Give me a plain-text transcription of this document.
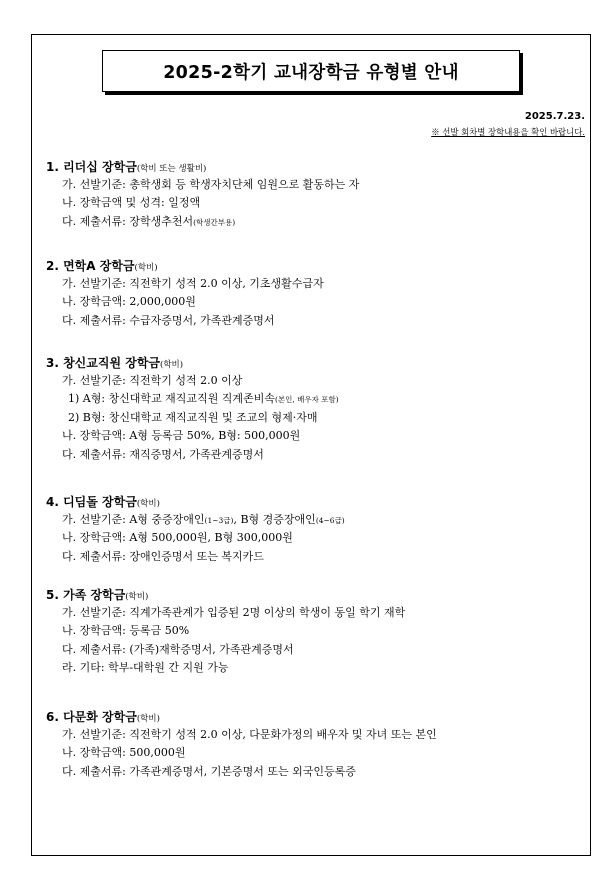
2025-2학기 교내장학금 유형별 안내
2025.7.23.
※ 선발 회차별 장학내용을 확인 바랍니다.
1. 리더십 장학금(학비 또는 생활비)
가. 선발기준: 총학생회 등 학생자치단체 임원으로 활동하는 자
나. 장학금액 및 성격: 일정액
다. 제출서류: 장학생추천서(학생간부용)
2. 면학A 장학금(학비)
가. 선발기준: 직전학기 성적 2.0 이상, 기초생활수급자
나. 장학금액: 2,000,000원
다. 제출서류: 수급자증명서, 가족관계증명서
3. 창신교직원 장학금(학비)
가. 선발기준: 직전학기 성적 2.0 이상
1) A형: 창신대학교 재직교직원 직계존비속(본인, 배우자 포함)
2) B형: 창신대학교 재직교직원 및 조교의 형제·자매
나. 장학금액: A형 등록금 50%, B형: 500,000원
다. 제출서류: 재직증명서, 가족관계증명서
4. 디딤돌 장학금(학비)
가. 선발기준: A형 중증장애인(1~3급), B형 경증장애인(4~6급)
나. 장학금액: A형 500,000원, B형 300,000원
다. 제출서류: 장애인증명서 또는 복지카드
5. 가족 장학금(학비)
가. 선발기준: 직계가족관계가 입증된 2명 이상의 학생이 동일 학기 재학
나. 장학금액: 등록금 50%
다. 제출서류: (가족)재학증명서, 가족관계증명서
라. 기타: 학부-대학원 간 지원 가능
6. 다문화 장학금(학비)
가. 선발기준: 직전학기 성적 2.0 이상, 다문화가정의 배우자 및 자녀 또는 본인
나. 장학금액: 500,000원
다. 제출서류: 가족관계증명서, 기본증명서 또는 외국인등록증
